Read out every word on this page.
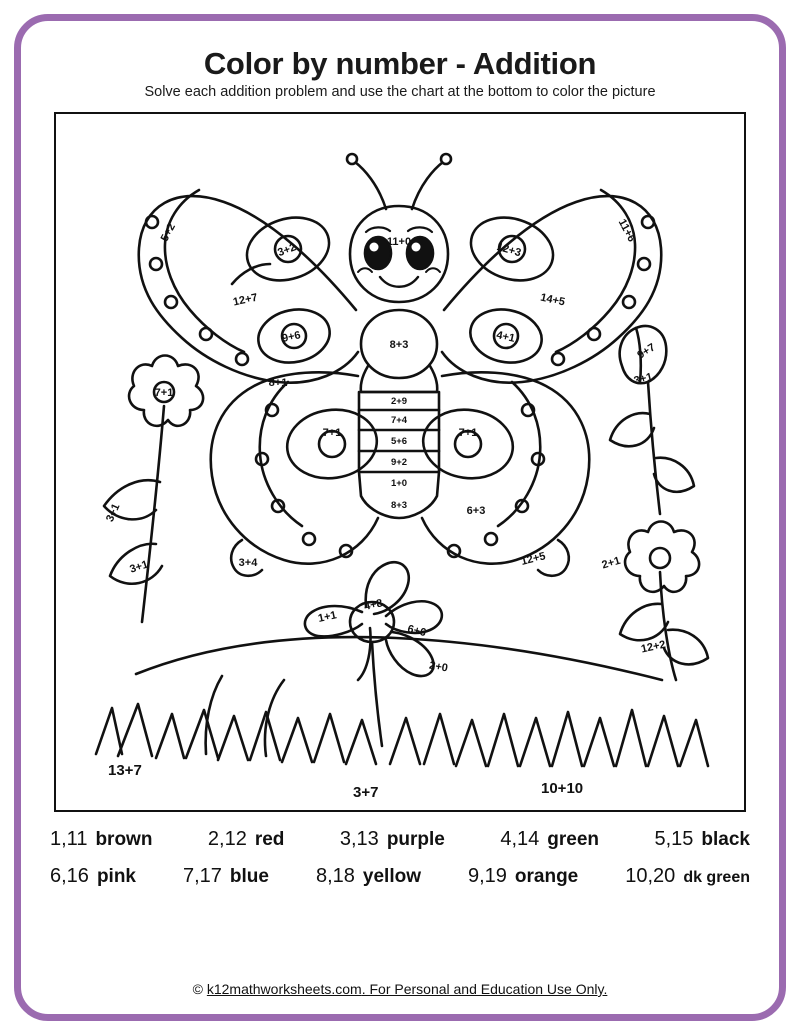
Color by number - Addition
Solve each addition problem and use the chart at the bottom to color the picture
5+2
3+2
12+7
9+6
11+0
8+3
12+3
11+6
14+5
4+1
2+9
7+4
5+6
9+2
1+0
8+3
8+1
7+1	7+1
7+1
3+1
3+1	3+4
6+3
12+5
9+7
3+1
2+1
12+2
1+1
4+8
6+6
2+0
13+7
3+7	10+10
1,11 brown	2,12 red	3,13 purple	4,14 green	5,15 black
6,16 pink 7,17 blue 8,18 yellow 9,19 orange 10,20 dk green
© k12mathworksheets.com. For Personal and Education Use Only.
